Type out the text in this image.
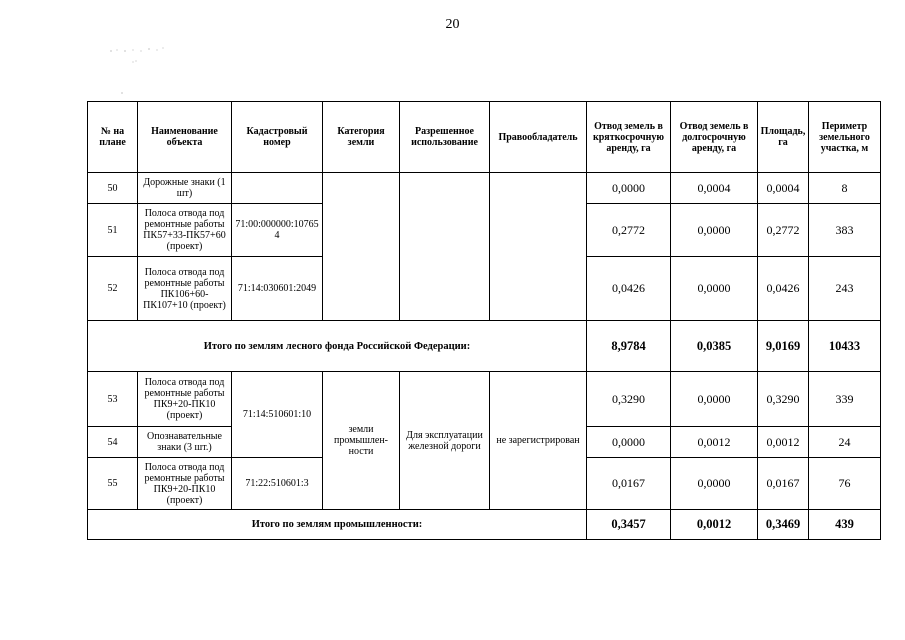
20
№ на плане	Наименование объекта	Кадастровый номер	Категория земли	Разрешенное использование	Правообладатель	Отвод земель в кряткосрочную аренду, га	Отвод земель в долгосрочную аренду, га	Площадь, га	Периметр земельного участка, м
50	Дорожные знаки (1 шт)					0,0000	0,0004	0,0004	8
51	Полоса отвода под ремонтные работы ПК57+33-ПК57+60 (проект)	71:00:000000:107654				0,2772	0,0000	0,2772	383
52	Полоса отвода под ремонтные работы ПК106+60-ПК107+10 (проект)	71:14:030601:2049				0,0426	0,0000	0,0426	243
Итого по землям лесного фонда Российской Федерации:						8,9784	0,0385	9,0169	10433
53	Полоса отвода под ремонтные работы ПК9+20-ПК10 (проект)	71:14:510601:10	земли промышлен-ности	Для эксплуатации железной дороги	не зарегистрирован	0,3290	0,0000	0,3290	339
54	Опознавательные знаки (3 шт.)					0,0000	0,0012	0,0012	24
55	Полоса отвода под ремонтные работы ПК9+20-ПК10 (проект)	71:22:510601:3				0,0167	0,0000	0,0167	76
Итого по землям промышленности:						0,3457	0,0012	0,3469	439
